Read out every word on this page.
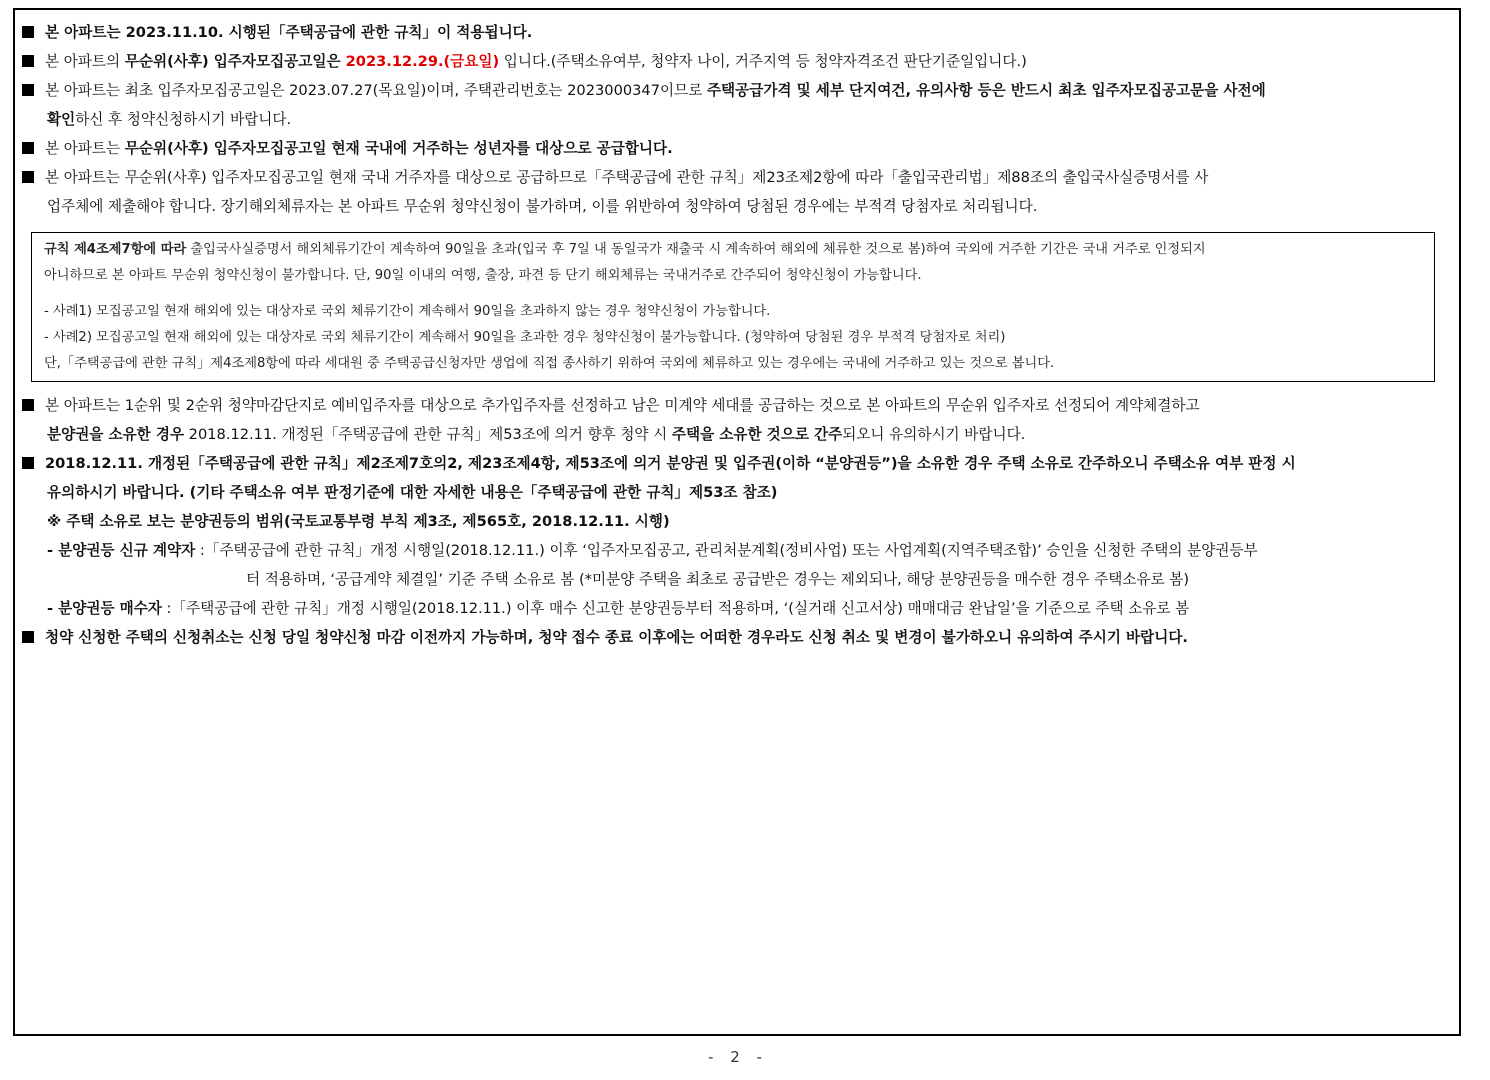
본 아파트는 2023.11.10. 시행된「주택공급에 관한 규칙」이 적용됩니다.
본 아파트의 무순위(사후) 입주자모집공고일은 2023.12.29.(금요일) 입니다.(주택소유여부, 청약자 나이, 거주지역 등 청약자격조건 판단기준일입니다.)
본 아파트는 최초 입주자모집공고일은 2023.07.27(목요일)이며, 주택관리번호는 2023000347이므로 주택공급가격 및 세부 단지여건, 유의사항 등은 반드시 최초 입주자모집공고문을 사전에
확인하신 후 청약신청하시기 바랍니다.
본 아파트는 무순위(사후) 입주자모집공고일 현재 국내에 거주하는 성년자를 대상으로 공급합니다.
본 아파트는 무순위(사후) 입주자모집공고일 현재 국내 거주자를 대상으로 공급하므로「주택공급에 관한 규칙」제23조제2항에 따라「출입국관리법」제88조의 출입국사실증명서를 사
업주체에 제출해야 합니다. 장기해외체류자는 본 아파트 무순위 청약신청이 불가하며, 이를 위반하여 청약하여 당첨된 경우에는 부적격 당첨자로 처리됩니다.
규칙 제4조제7항에 따라 출입국사실증명서 해외체류기간이 계속하여 90일을 초과(입국 후 7일 내 동일국가 재출국 시 계속하여 해외에 체류한 것으로 봄)하여 국외에 거주한 기간은 국내 거주로 인정되지
아니하므로 본 아파트 무순위 청약신청이 불가합니다. 단, 90일 이내의 여행, 출장, 파견 등 단기 해외체류는 국내거주로 간주되어 청약신청이 가능합니다.
- 사례1) 모집공고일 현재 해외에 있는 대상자로 국외 체류기간이 계속해서 90일을 초과하지 않는 경우 청약신청이 가능합니다.
- 사례2) 모집공고일 현재 해외에 있는 대상자로 국외 체류기간이 계속해서 90일을 초과한 경우 청약신청이 불가능합니다. (청약하여 당첨된 경우 부적격 당첨자로 처리)
단,「주택공급에 관한 규칙」제4조제8항에 따라 세대원 중 주택공급신청자만 생업에 직접 종사하기 위하여 국외에 체류하고 있는 경우에는 국내에 거주하고 있는 것으로 봅니다.
본 아파트는 1순위 및 2순위 청약마감단지로 예비입주자를 대상으로 추가입주자를 선정하고 남은 미계약 세대를 공급하는 것으로 본 아파트의 무순위 입주자로 선정되어 계약체결하고
분양권을 소유한 경우 2018.12.11. 개정된「주택공급에 관한 규칙」제53조에 의거 향후 청약 시 주택을 소유한 것으로 간주되오니 유의하시기 바랍니다.
2018.12.11. 개정된「주택공급에 관한 규칙」제2조제7호의2, 제23조제4항, 제53조에 의거 분양권 및 입주권(이하 “분양권등”)을 소유한 경우 주택 소유로 간주하오니 주택소유 여부 판정 시
유의하시기 바랍니다. (기타 주택소유 여부 판정기준에 대한 자세한 내용은「주택공급에 관한 규칙」제53조 참조)
※ 주택 소유로 보는 분양권등의 범위(국토교통부령 부칙 제3조, 제565호, 2018.12.11. 시행)
- 분양권등 신규 계약자 :「주택공급에 관한 규칙」개정 시행일(2018.12.11.) 이후 ‘입주자모집공고, 관리처분계획(정비사업) 또는 사업계획(지역주택조합)’ 승인을 신청한 주택의 분양권등부
터 적용하며, ‘공급계약 체결일’ 기준 주택 소유로 봄 (*미분양 주택을 최초로 공급받은 경우는 제외되나, 해당 분양권등을 매수한 경우 주택소유로 봄)
- 분양권등 매수자 :「주택공급에 관한 규칙」개정 시행일(2018.12.11.) 이후 매수 신고한 분양권등부터 적용하며, ‘(실거래 신고서상) 매매대금 완납일’을 기준으로 주택 소유로 봄
청약 신청한 주택의 신청취소는 신청 당일 청약신청 마감 이전까지 가능하며, 청약 접수 종료 이후에는 어떠한 경우라도 신청 취소 및 변경이 불가하오니 유의하여 주시기 바랍니다.
- 2 -
